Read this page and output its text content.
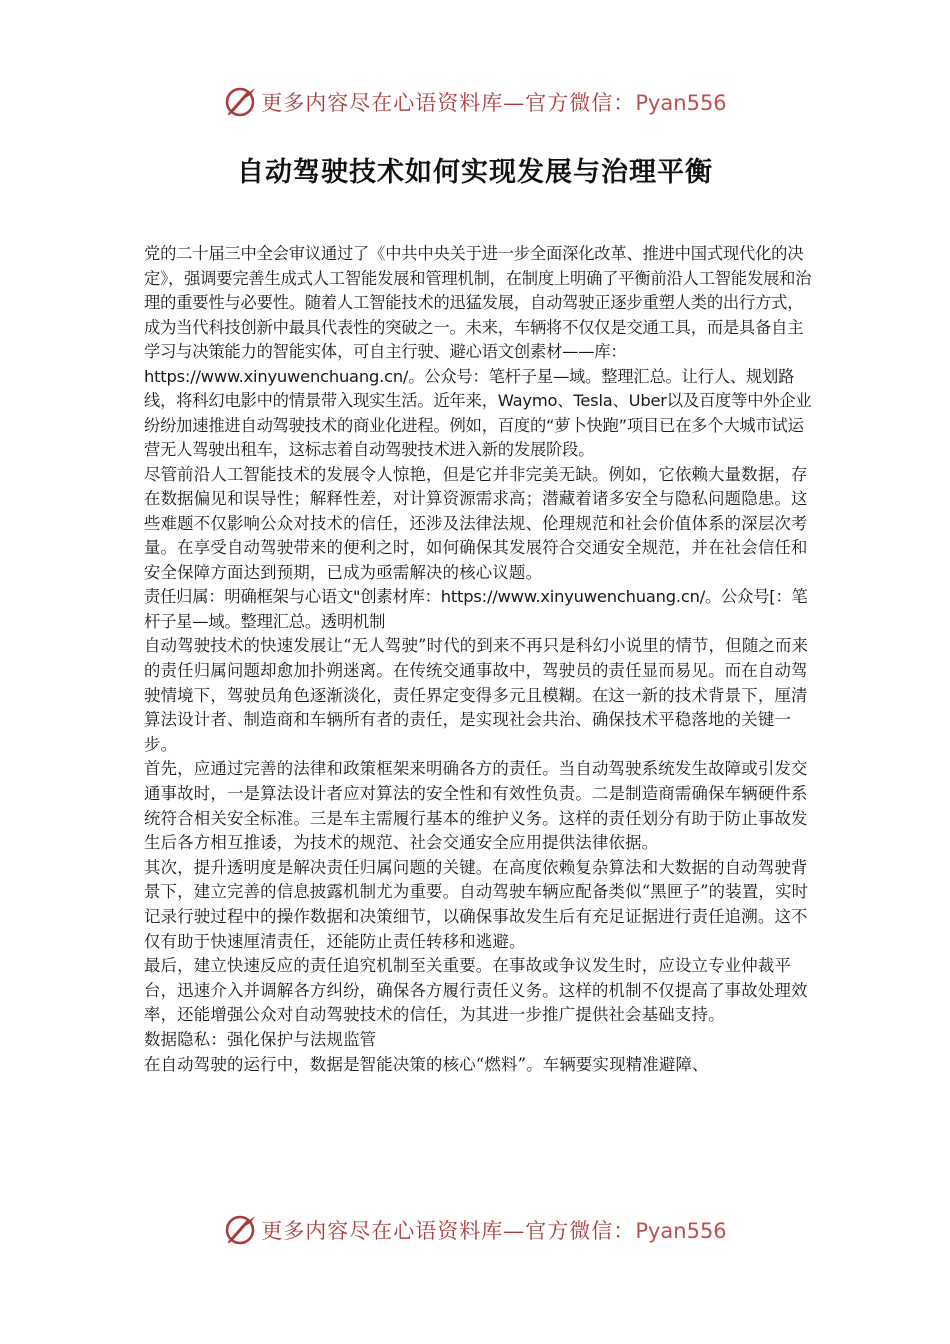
更多内容尽在心语资料库—官方微信：Pyan556
自动驾驶技术如何实现发展与治理平衡

党的二十届三中全会审议通过了《中共中央关于进一步全面深化改革、推进中国式现代化的决定》，强调要完善生成式人工智能发展和管理机制，在制度上明确了平衡前沿人工智能发展和治理的重要性与必要性。随着人工智能技术的迅猛发展，自动驾驶正逐步重塑人类的出行方式，成为当代科技创新中最具代表性的突破之一。未来，车辆将不仅仅是交通工具，而是具备自主学习与决策能力的智能实体，可自主行驶、避心语文创素材——库：https://www.xinyuwenchuang.cn/。公众号：笔杆子星—域。整理汇总。让行人、规划路线，将科幻电影中的情景带入现实生活。近年来，Waymo、Tesla、Uber以及百度等中外企业纷纷加速推进自动驾驶技术的商业化进程。例如，百度的“萝卜快跑”项目已在多个大城市试运营无人驾驶出租车，这标志着自动驾驶技术进入新的发展阶段。

尽管前沿人工智能技术的发展令人惊艳，但是它并非完美无缺。例如，它依赖大量数据，存在数据偏见和误导性；解释性差，对计算资源需求高；潜藏着诸多安全与隐私问题隐患。这些难题不仅影响公众对技术的信任，还涉及法律法规、伦理规范和社会价值体系的深层次考量。在享受自动驾驶带来的便利之时，如何确保其发展符合交通安全规范，并在社会信任和安全保障方面达到预期，已成为亟需解决的核心议题。

责任归属：明确框架与心语文"创素材库：https://www.xinyuwenchuang.cn/。公众号[：笔杆子星—域。整理汇总。透明机制

自动驾驶技术的快速发展让“无人驾驶”时代的到来不再只是科幻小说里的情节，但随之而来的责任归属问题却愈加扑朔迷离。在传统交通事故中，驾驶员的责任显而易见。而在自动驾驶情境下，驾驶员角色逐渐淡化，责任界定变得多元且模糊。在这一新的技术背景下，厘清算法设计者、制造商和车辆所有者的责任，是实现社会共治、确保技术平稳落地的关键一步。

首先，应通过完善的法律和政策框架来明确各方的责任。当自动驾驶系统发生故障或引发交通事故时，一是算法设计者应对算法的安全性和有效性负责。二是制造商需确保车辆硬件系统符合相关安全标准。三是车主需履行基本的维护义务。这样的责任划分有助于防止事故发生后各方相互推诿，为技术的规范、社会交通安全应用提供法律依据。

其次，提升透明度是解决责任归属问题的关键。在高度依赖复杂算法和大数据的自动驾驶背景下，建立完善的信息披露机制尤为重要。自动驾驶车辆应配备类似“黑匣子”的装置，实时记录行驶过程中的操作数据和决策细节，以确保事故发生后有充足证据进行责任追溯。这不仅有助于快速厘清责任，还能防止责任转移和逃避。

最后，建立快速反应的责任追究机制至关重要。在事故或争议发生时，应设立专业仲裁平台，迅速介入并调解各方纠纷，确保各方履行责任义务。这样的机制不仅提高了事故处理效率，还能增强公众对自动驾驶技术的信任，为其进一步推广提供社会基础支持。

数据隐私：强化保护与法规监管

在自动驾驶的运行中，数据是智能决策的核心“燃料”。车辆要实现精准避障、

更多内容尽在心语资料库—官方微信：Pyan556
